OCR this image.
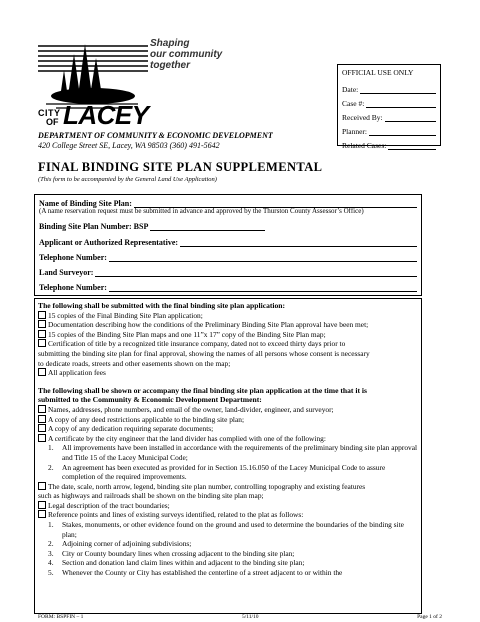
Shaping
our community
together
CITY
OF LACEY
DEPARTMENT OF COMMUNITY & ECONOMIC DEVELOPMENT
420 College Street SE, Lacey, WA 98503 (360) 491-5642
OFFICIAL USE ONLY
Date:
Case #:
Received By:
Planner:
Related Cases:
FINAL BINDING SITE PLAN SUPPLEMENTAL
(This form to be accompanied by the General Land Use Application)
Name of Binding Site Plan:
(A name reservation request must be submitted in advance and approved by the Thurston County Assessor’s Office)
Binding Site Plan Number: BSP
Applicant or Authorized Representative:
Telephone Number:
Land Surveyor:
Telephone Number:
The following shall be submitted with the final binding site plan application:
15 copies of the Final Binding Site Plan application;
Documentation describing how the conditions of the Preliminary Binding Site Plan approval have been met;
15 copies of the Binding Site Plan maps and one 11”x 17” copy of the Binding Site Plan map;
Certification of title by a recognized title insurance company, dated not to exceed thirty days prior to
submitting the binding site plan for final approval, showing the names of all persons whose consent is necessary
to dedicate roads, streets and other easements shown on the map;
All application fees
The following shall be shown or accompany the final binding site plan application at the time that it is
submitted to the Community & Economic Development Department:
Names, addresses, phone numbers, and email of the owner, land-divider, engineer, and surveyor;
A copy of any deed restrictions applicable to the binding site plan;
A copy of any dedication requiring separate documents;
A certificate by the city engineer that the land divider has complied with one of the following:
1.	All improvements have been installed in accordance with the requirements of the preliminary binding site plan approval and Title 15 of the Lacey Municipal Code;
2.	An agreement has been executed as provided for in Section 15.16.050 of the Lacey Municipal Code to assure completion of the required improvements.
The date, scale, north arrow, legend, binding site plan number, controlling topography and existing features
such as highways and railroads shall be shown on the binding site plan map;
Legal description of the tract boundaries;
Reference points and lines of existing surveys identified, related to the plat as follows:
1.	Stakes, monuments, or other evidence found on the ground and used to determine the boundaries of the binding site plan;
2.	Adjoining corner of adjoining subdivisions;
3.	City or County boundary lines when crossing adjacent to the binding site plan;
4.	Section and donation land claim lines within and adjacent to the binding site plan;
5.	Whenever the County or City has established the centerline of a street adjacent to or within the
FORM: BSPFIN – 1	5/11/10	Page 1 of 2
